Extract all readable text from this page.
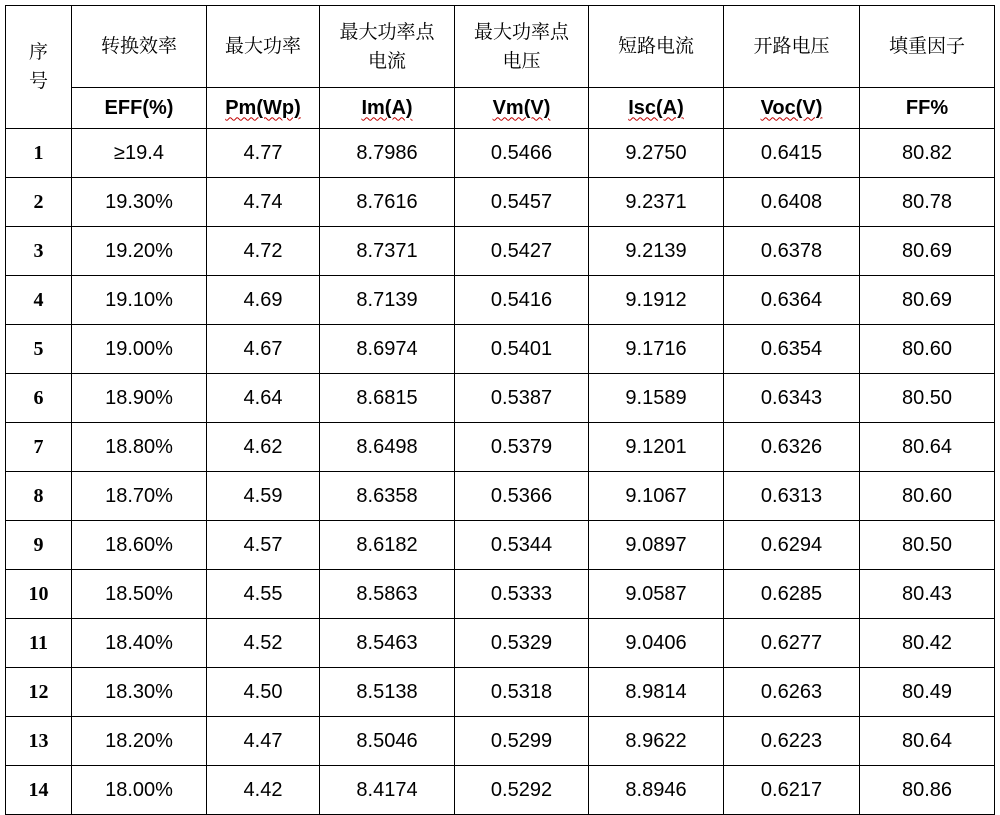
序号	转换效率	最大功率	最大功率点电流	最大功率点电压	短路电流	开路电压	填重因子
	EFF(%)	Pm(Wp)	Im(A)	Vm(V)	Isc(A)	Voc(V)	FF%
1	≥19.4	4.77	8.7986	0.5466	9.2750	0.6415	80.82
2	19.30%	4.74	8.7616	0.5457	9.2371	0.6408	80.78
3	19.20%	4.72	8.7371	0.5427	9.2139	0.6378	80.69
4	19.10%	4.69	8.7139	0.5416	9.1912	0.6364	80.69
5	19.00%	4.67	8.6974	0.5401	9.1716	0.6354	80.60
6	18.90%	4.64	8.6815	0.5387	9.1589	0.6343	80.50
7	18.80%	4.62	8.6498	0.5379	9.1201	0.6326	80.64
8	18.70%	4.59	8.6358	0.5366	9.1067	0.6313	80.60
9	18.60%	4.57	8.6182	0.5344	9.0897	0.6294	80.50
10	18.50%	4.55	8.5863	0.5333	9.0587	0.6285	80.43
11	18.40%	4.52	8.5463	0.5329	9.0406	0.6277	80.42
12	18.30%	4.50	8.5138	0.5318	8.9814	0.6263	80.49
13	18.20%	4.47	8.5046	0.5299	8.9622	0.6223	80.64
14	18.00%	4.42	8.4174	0.5292	8.8946	0.6217	80.86
